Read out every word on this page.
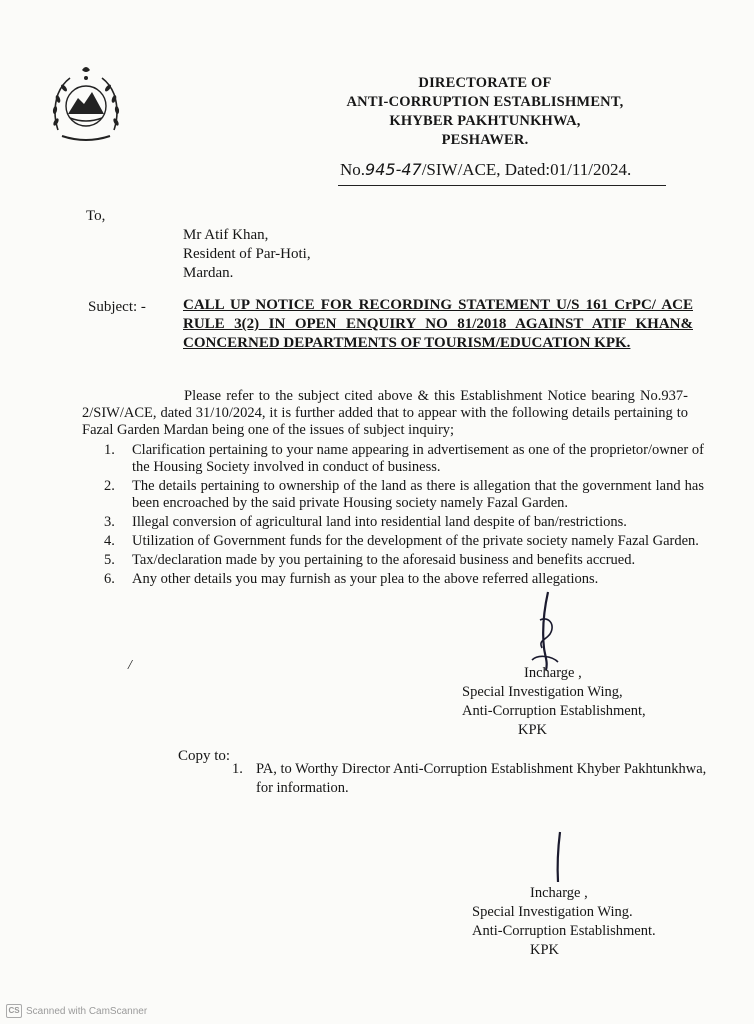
DIRECTORATE OF
ANTI-CORRUPTION ESTABLISHMENT,
KHYBER PAKHTUNKHWA,
PESHAWER.
No.945-47/SIW/ACE, Dated:01/11/2024.
To,
Mr Atif Khan,
Resident of Par-Hoti,
Mardan.
Subject: - CALL UP NOTICE FOR RECORDING STATEMENT U/S 161 CrPC/ ACE RULE 3(2) IN OPEN ENQUIRY NO 81/2018 AGAINST ATIF KHAN& CONCERNED DEPARTMENTS OF TOURISM/EDUCATION KPK.

Please refer to the subject cited above & this Establishment Notice bearing No.937-2/SIW/ACE, dated 31/10/2024, it is further added that to appear with the following details pertaining to Fazal Garden Mardan being one of the issues of subject inquiry;

1.	Clarification pertaining to your name appearing in advertisement as one of the proprietor/owner of the Housing Society involved in conduct of business.
2.	The details pertaining to ownership of the land as there is allegation that the government land has been encroached by the said private Housing society namely Fazal Garden.
3.	Illegal conversion of agricultural land into residential land despite of ban/restrictions.
4.	Utilization of Government funds for the development of the private society namely Fazal Garden.
5.	Tax/declaration made by you pertaining to the aforesaid business and benefits accrued.
6.	Any other details you may furnish as your plea to the above referred allegations.
/	Incharge ,
Special Investigation Wing,
Anti-Corruption Establishment,
KPK
Copy to:
1. PA, to Worthy Director Anti-Corruption Establishment Khyber Pakhtunkhwa, for information.
Incharge ,
Special Investigation Wing.
Anti-Corruption Establishment.
KPK
CS Scanned with CamScanner
